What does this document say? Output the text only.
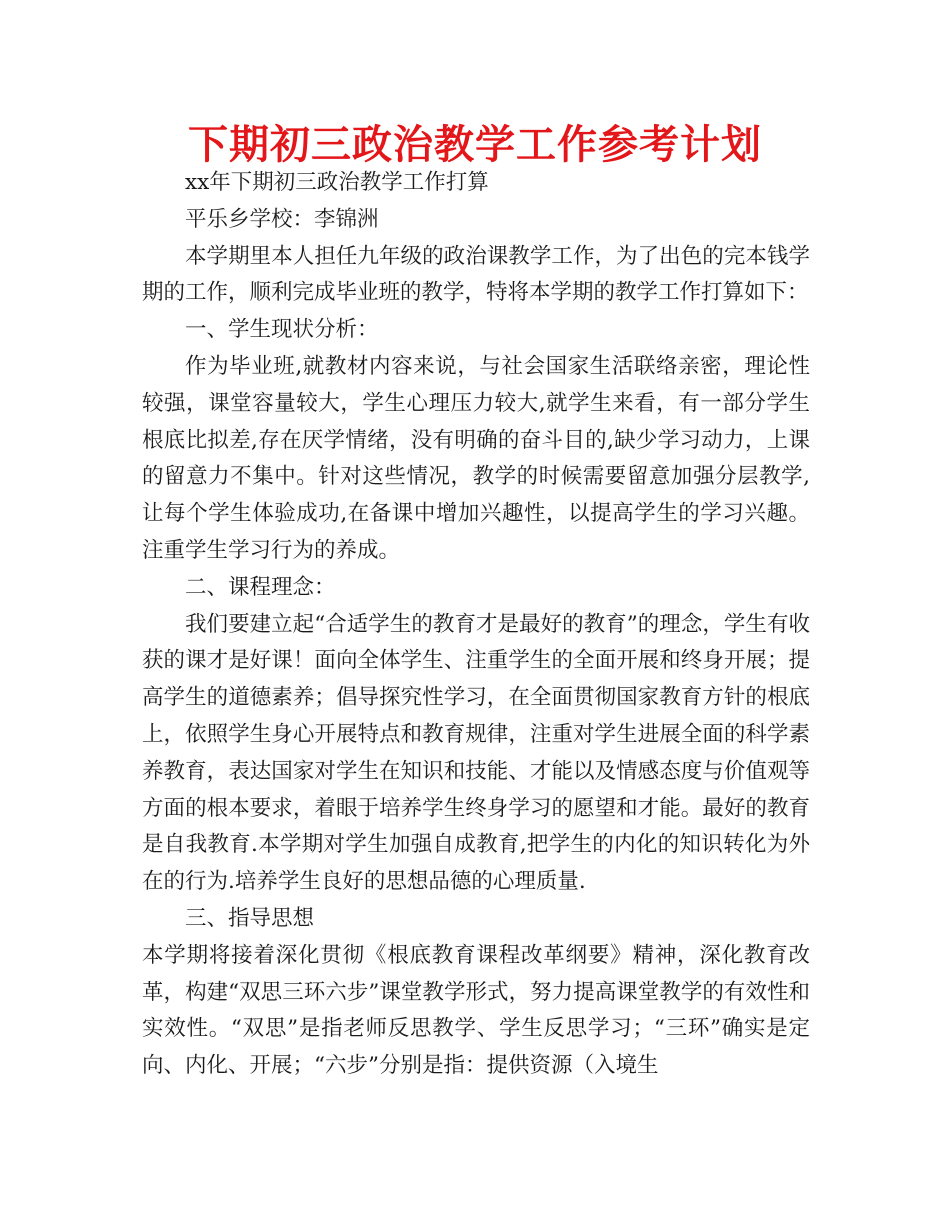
下期初三政治教学工作参考计划

xx年下期初三政治教学工作打算

平乐乡学校：李锦洲

本学期里本人担任九年级的政治课教学工作，为了出色的完本钱学期的工作，顺利完成毕业班的教学，特将本学期的教学工作打算如下：

一、学生现状分析：

作为毕业班,就教材内容来说，与社会国家生活联络亲密，理论性较强，课堂容量较大，学生心理压力较大,就学生来看，有一部分学生根底比拟差,存在厌学情绪，没有明确的奋斗目的,缺少学习动力，上课的留意力不集中。针对这些情况，教学的时候需要留意加强分层教学,让每个学生体验成功,在备课中增加兴趣性，以提高学生的学习兴趣。注重学生学习行为的养成。

二、课程理念：

我们要建立起“合适学生的教育才是最好的教育”的理念，学生有收获的课才是好课！面向全体学生、注重学生的全面开展和终身开展；提高学生的道德素养；倡导探究性学习，在全面贯彻国家教育方针的根底上，依照学生身心开展特点和教育规律，注重对学生进展全面的科学素养教育，表达国家对学生在知识和技能、才能以及情感态度与价值观等方面的根本要求，着眼于培养学生终身学习的愿望和才能。最好的教育是自我教育.本学期对学生加强自成教育,把学生的内化的知识转化为外在的行为.培养学生良好的思想品德的心理质量.

三、指导思想

本学期将接着深化贯彻《根底教育课程改革纲要》精神，深化教育改革，构建“双思三环六步”课堂教学形式，努力提高课堂教学的有效性和实效性。“双思”是指老师反思教学、学生反思学习；“三环”确实是定向、内化、开展；“六步”分别是指：提供资源（入境生
